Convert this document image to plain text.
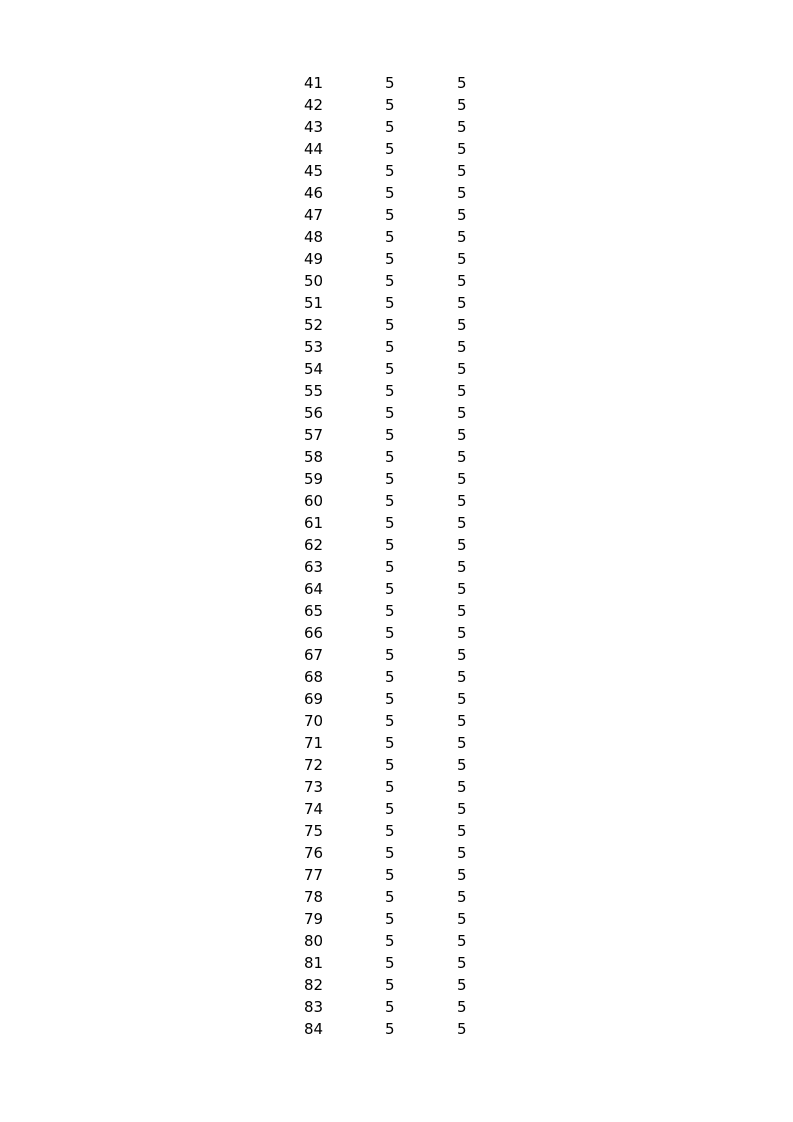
41	5	5
42	5	5
43	5	5
44	5	5
45	5	5
46	5	5
47	5	5
48	5	5
49	5	5
50	5	5
51	5	5
52	5	5
53	5	5
54	5	5
55	5	5
56	5	5
57	5	5
58	5	5
59	5	5
60	5	5
61	5	5
62	5	5
63	5	5
64	5	5
65	5	5
66	5	5
67	5	5
68	5	5
69	5	5
70	5	5
71	5	5
72	5	5
73	5	5
74	5	5
75	5	5
76	5	5
77	5	5
78	5	5
79	5	5
80	5	5
81	5	5
82	5	5
83	5	5
84	5	5
